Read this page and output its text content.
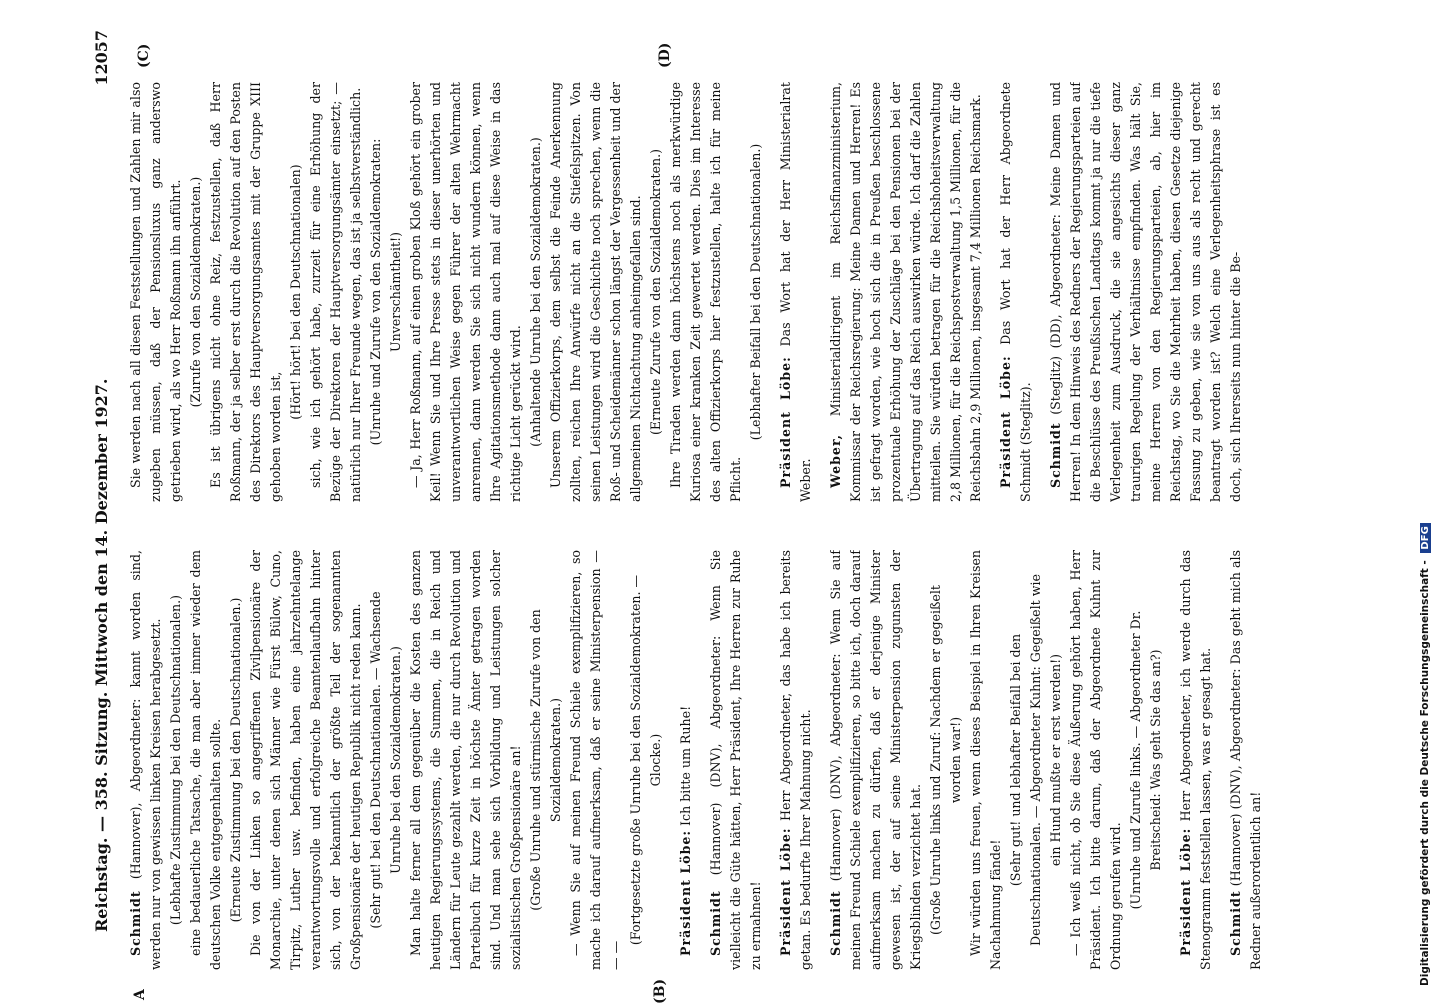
Reichstag. — 358. Sitzung. Mittwoch den 14. Dezember 1927.
12057
A	(B)
(C)	(D)

Schmidt (Hannover), Abgeordneter: kannt worden sind, werden nur von gewissen linken Kreisen herabgesetzt. (Lebhafte Zustimmung bei den Deutschnationalen.) eine bedauerliche Tatsache, die man aber immer wieder dem deutschen Volke entgegenhalten sollte. (Erneute Zustimmung bei den Deutschnationalen.) Die von der Linken so angegriffenen Zivilpensionäre der Monarchie, unter denen sich Männer wie Fürst Bülow, Cuno, Tirpitz, Luther usw. befinden, haben eine jahrzehntelange verantwortungsvolle und erfolgreiche Beamtenlaufbahn hinter sich, von der bekanntlich der größte Teil der sogenannten Großpensionäre der heutigen Republik nicht reden kann. (Sehr gut! bei den Deutschnationalen. — Wachsende Unruhe bei den Sozialdemokraten.) Man halte ferner all dem gegenüber die Kosten des ganzen heutigen Regierungssystems, die Summen, die in Reich und Ländern für Leute gezahlt werden, die nur durch Revolution und Parteibuch für kurze Zeit in höchste Ämter getragen worden sind. Und man sehe sich Vorbildung und Leistungen solcher sozialistischen Großpensionäre an! (Große Unruhe und stürmische Zurufe von den Sozialdemokraten.) — Wenn Sie auf meinen Freund Schiele exemplifizieren, so mache ich darauf aufmerksam, daß er seine Ministerpension — — —

(Fortgesetzte große Unruhe bei den Sozialdemokraten. — Glocke.)

Präsident Löbe: Ich bitte um Ruhe!

Schmidt (Hannover) (DNV), Abgeordneter: Wenn Sie vielleicht die Güte hätten, Herr Präsident, Ihre Herren zur Ruhe zu ermahnen! Präsident Löbe: Herr Abgeordneter, das habe ich bereits getan. Es bedurfte Ihrer Mahnung nicht. Schmidt (Hannover) (DNV), Abgeordneter: Wenn Sie auf meinen Freund Schiele exemplifizieren, so bitte ich, doch darauf aufmerksam machen zu dürfen, daß er derjenige Minister gewesen ist, der auf seine Ministerpension zugunsten der Kriegsblinden verzichtet hat. (Große Unruhe links und Zuruf: Nachdem er gegeißelt worden war!) Wir würden uns freuen, wenn dieses Beispiel in Ihren Kreisen Nachahmung fände!

(Sehr gut! und lebhafter Beifall bei den Deutschnationalen. — Abgeordneter Kuhnt: Gegeißelt wie ein Hund mußte er erst werden!) — Ich weiß nicht, ob Sie diese Äußerung gehört haben, Herr Präsident. Ich bitte darum, daß der Abgeordnete Kuhnt zur Ordnung gerufen wird. (Unruhe und Zurufe links. — Abgeordneter Dr. Breitscheid: Was geht Sie das an?)

Präsident Löbe: Herr Abgeordneter, ich werde durch das Stenogramm feststellen lassen, was er gesagt hat. Schmidt (Hannover) (DNV), Abgeordneter: Das geht mich als Redner außerordentlich an!

Sie werden nach all diesen Feststellungen und Zahlen mir also zugeben müssen, daß der Pensionsluxus ganz anderswo getrieben wird, als wo Herr Roßmann ihn anführt. (Zurufe von den Sozialdemokraten.) Es ist übrigens nicht ohne Reiz, festzustellen, daß Herr Roßmann, der ja selber erst durch die Revolution auf den Posten des Direktors des Hauptversorgungsamtes mit der Gruppe XIII gehoben worden ist,

(Hört! hört! bei den Deutschnationalen) sich, wie ich gehört habe, zurzeit für eine Erhöhung der Bezüge der Direktoren der Hauptversorgungsämter einsetzt; — natürlich nur Ihrer Freunde wegen, das ist ja selbstverständlich. (Unruhe und Zurufe von den Sozialdemokraten: Unverschämtheit!) — Ja, Herr Roßmann, auf einen groben Kloß gehört ein grober Keil! Wenn Sie und Ihre Presse stets in dieser unerhörten und unverantwortlichen Weise gegen Führer der alten Wehrmacht anrennen, dann werden Sie sich nicht wundern können, wenn Ihre Agitationsmethode dann auch mal auf diese Weise in das richtige Licht gerückt wird. (Anhaltende Unruhe bei den Sozialdemokraten.) Unserem Offizierkorps, dem selbst die Feinde Anerkennung zollten, reichen Ihre Anwürfe nicht an die Stiefelspitzen. Von seinen Leistungen wird die Geschichte noch sprechen, wenn die Roß- und Scheidemänner schon längst der Vergessenheit und der allgemeinen Nichtachtung anheimgefallen sind. (Erneute Zurufe von den Sozialdemokraten.) Ihre Tiraden werden dann höchstens noch als merkwürdige Kuriosa einer kranken Zeit gewertet werden. Dies im Interesse des alten Offizierkorps hier festzustellen, halte ich für meine Pflicht.

(Lebhafter Beifall bei den Deutschnationalen.) Präsident Löbe: Das Wort hat der Herr Ministerialrat Weber. Weber, Ministerialdirigent im Reichsfinanzministerium, Kommissar der Reichsregierung: Meine Damen und Herren! Es ist gefragt worden, wie hoch sich die in Preußen beschlossene prozentuale Erhöhung der Zuschläge bei den Pensionen bei der Übertragung auf das Reich auswirken würde. Ich darf die Zahlen mitteilen. Sie würden betragen für die Reichshoheitsverwaltung 2,8 Millionen, für die Reichspostverwaltung 1,5 Millionen, für die Reichsbahn 2,9 Millionen, insgesamt 7,4 Millionen Reichsmark. Präsident Löbe: Das Wort hat der Herr Abgeordnete Schmidt (Steglitz). Schmidt (Steglitz) (DD), Abgeordneter: Meine Damen und Herren! In dem Hinweis des Redners der Regierungsparteien auf die Beschlüsse des Preußischen Landtags kommt ja nur die tiefe Verlegenheit zum Ausdruck, die sie angesichts dieser ganz traurigen Regelung der Verhältnisse empfinden. Was hält Sie, meine Herren von den Regierungsparteien, ab, hier im Reichstag, wo Sie die Mehrheit haben, diesen Gesetze diejenige Fassung zu geben, wie sie von uns aus als recht und gerecht beantragt worden ist? Welch eine Verlegenheitsphrase ist es doch, sich Ihrerseits nun hinter die Be-

Digitalisierung gefördert durch die Deutsche Forschungsgemeinschaft - DFG
